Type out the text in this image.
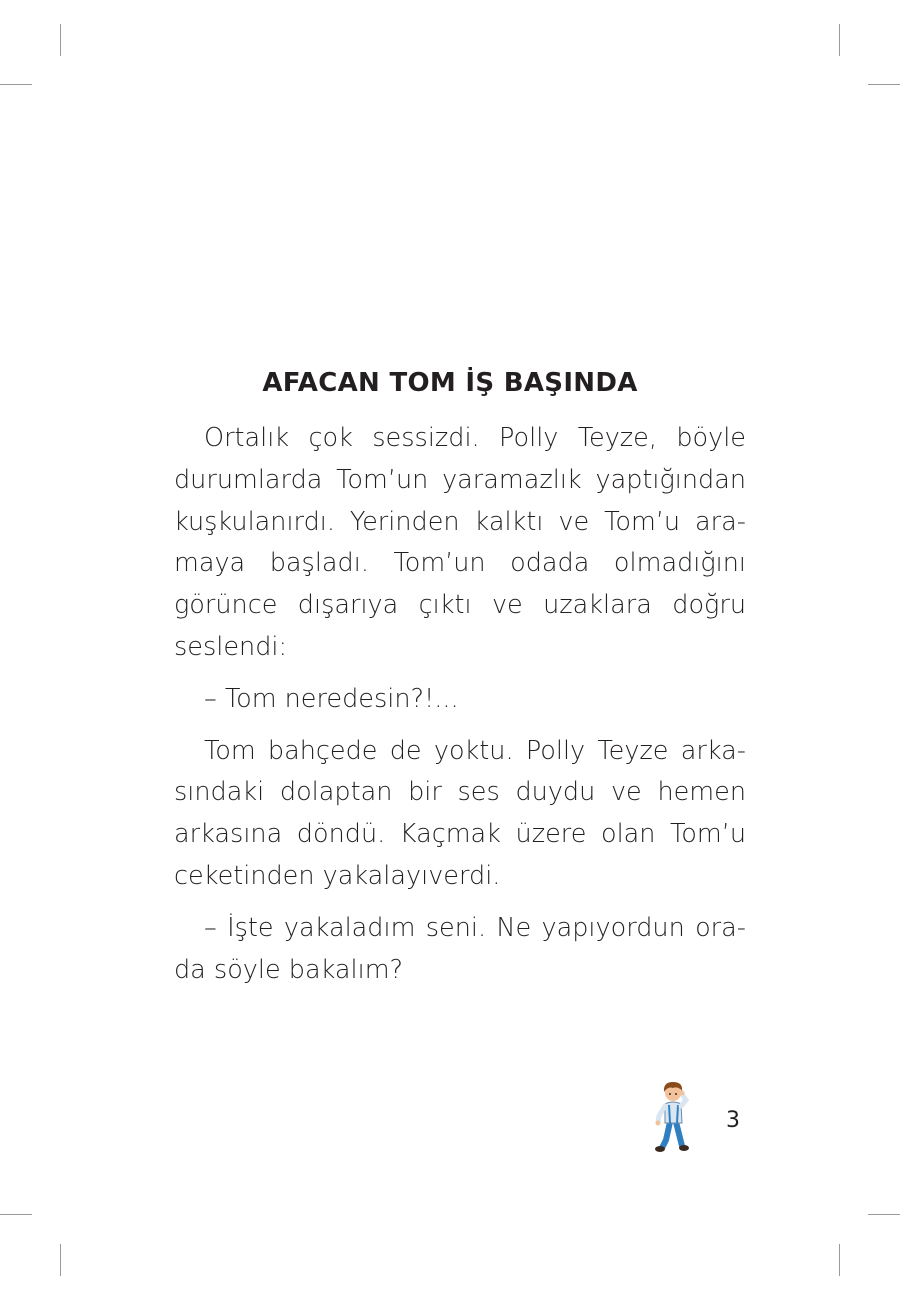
AFACAN TOM İŞ BAŞINDA

Ortalık çok sessizdi. Polly Teyze, böyle durumlarda Tom’un yaramazlık yaptığından kuşkulanırdı. Yerinden kalktı ve Tom’u ara-maya başladı. Tom’un odada olmadığını görünce dışarıya çıktı ve uzaklara doğru seslendi:

– Tom neredesin?!...

Tom bahçede de yoktu. Polly Teyze arka-sındaki dolaptan bir ses duydu ve hemen arkasına döndü. Kaçmak üzere olan Tom’u ceketinden yakalayıverdi.

– İşte yakaladım seni. Ne yapıyordun ora-da söyle bakalım?

3
